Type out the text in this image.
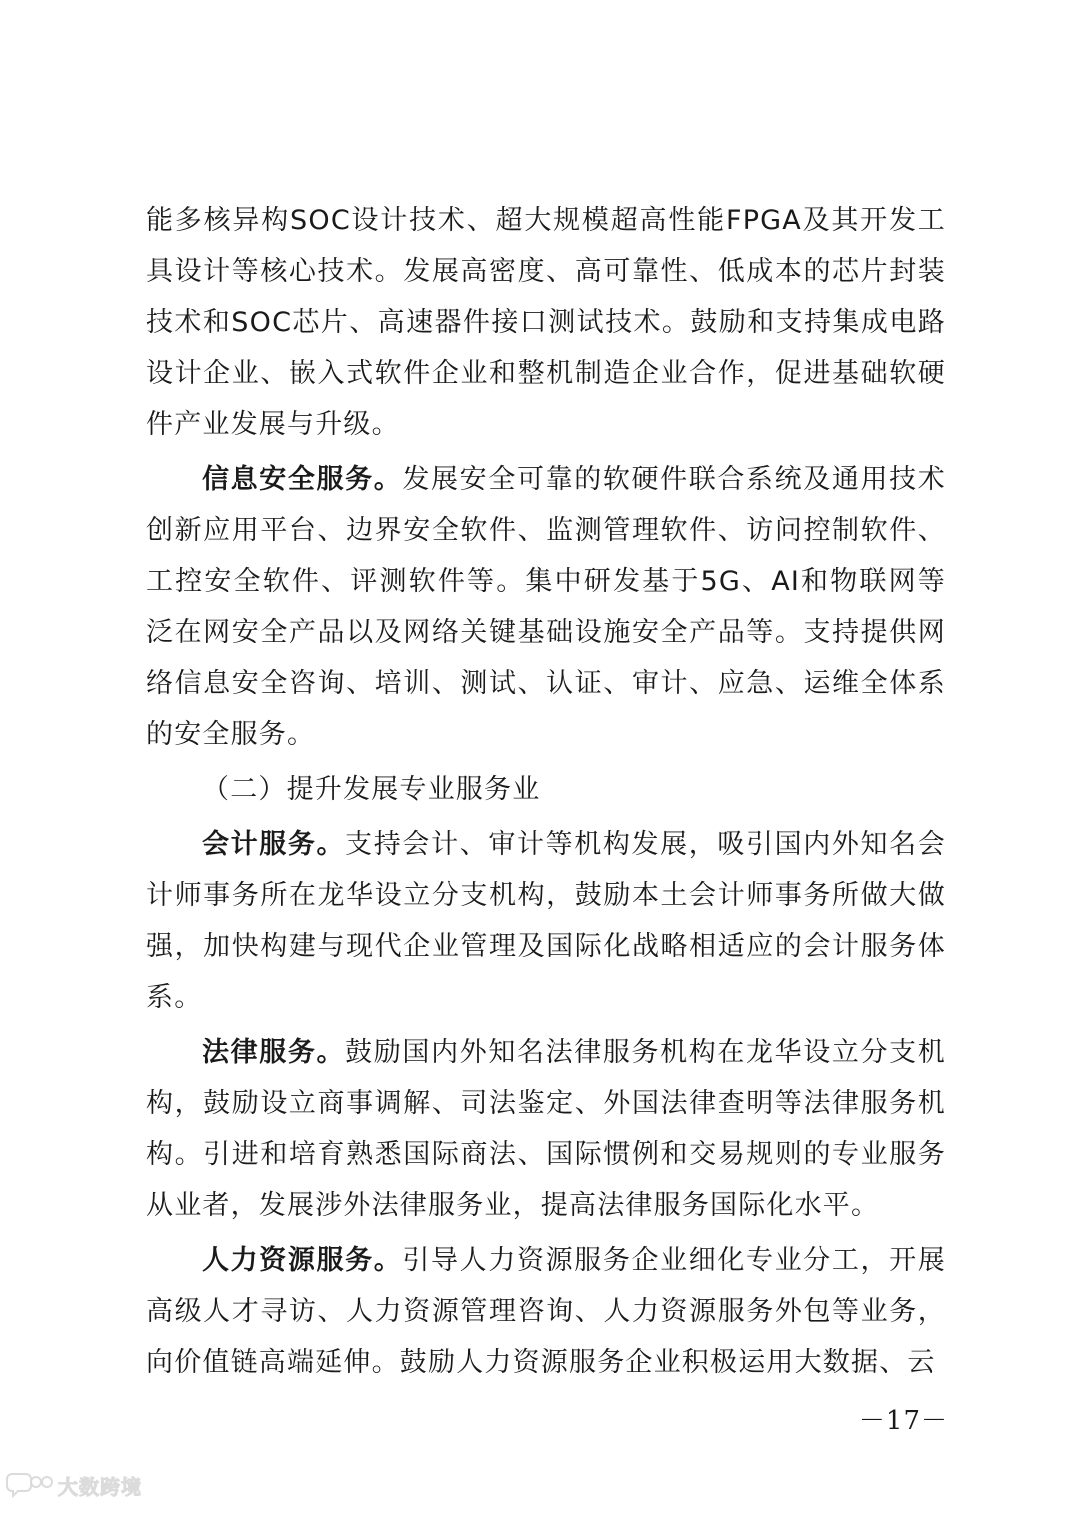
能多核异构SOC设计技术、超大规模超高性能FPGA及其开发工具设计等核心技术。发展高密度、高可靠性、低成本的芯片封装技术和SOC芯片、高速器件接口测试技术。鼓励和支持集成电路设计企业、嵌入式软件企业和整机制造企业合作，促进基础软硬件产业发展与升级。

信息安全服务。发展安全可靠的软硬件联合系统及通用技术创新应用平台、边界安全软件、监测管理软件、访问控制软件、工控安全软件、评测软件等。集中研发基于5G、AI和物联网等泛在网安全产品以及网络关键基础设施安全产品等。支持提供网络信息安全咨询、培训、测试、认证、审计、应急、运维全体系的安全服务。

（二）提升发展专业服务业

会计服务。支持会计、审计等机构发展，吸引国内外知名会计师事务所在龙华设立分支机构，鼓励本土会计师事务所做大做强，加快构建与现代企业管理及国际化战略相适应的会计服务体系。

法律服务。鼓励国内外知名法律服务机构在龙华设立分支机构，鼓励设立商事调解、司法鉴定、外国法律查明等法律服务机构。引进和培育熟悉国际商法、国际惯例和交易规则的专业服务从业者，发展涉外法律服务业，提高法律服务国际化水平。

人力资源服务。引导人力资源服务企业细化专业分工，开展高级人才寻访、人力资源管理咨询、人力资源服务外包等业务，向价值链高端延伸。鼓励人力资源服务企业积极运用大数据、云

－17－
大数跨境
